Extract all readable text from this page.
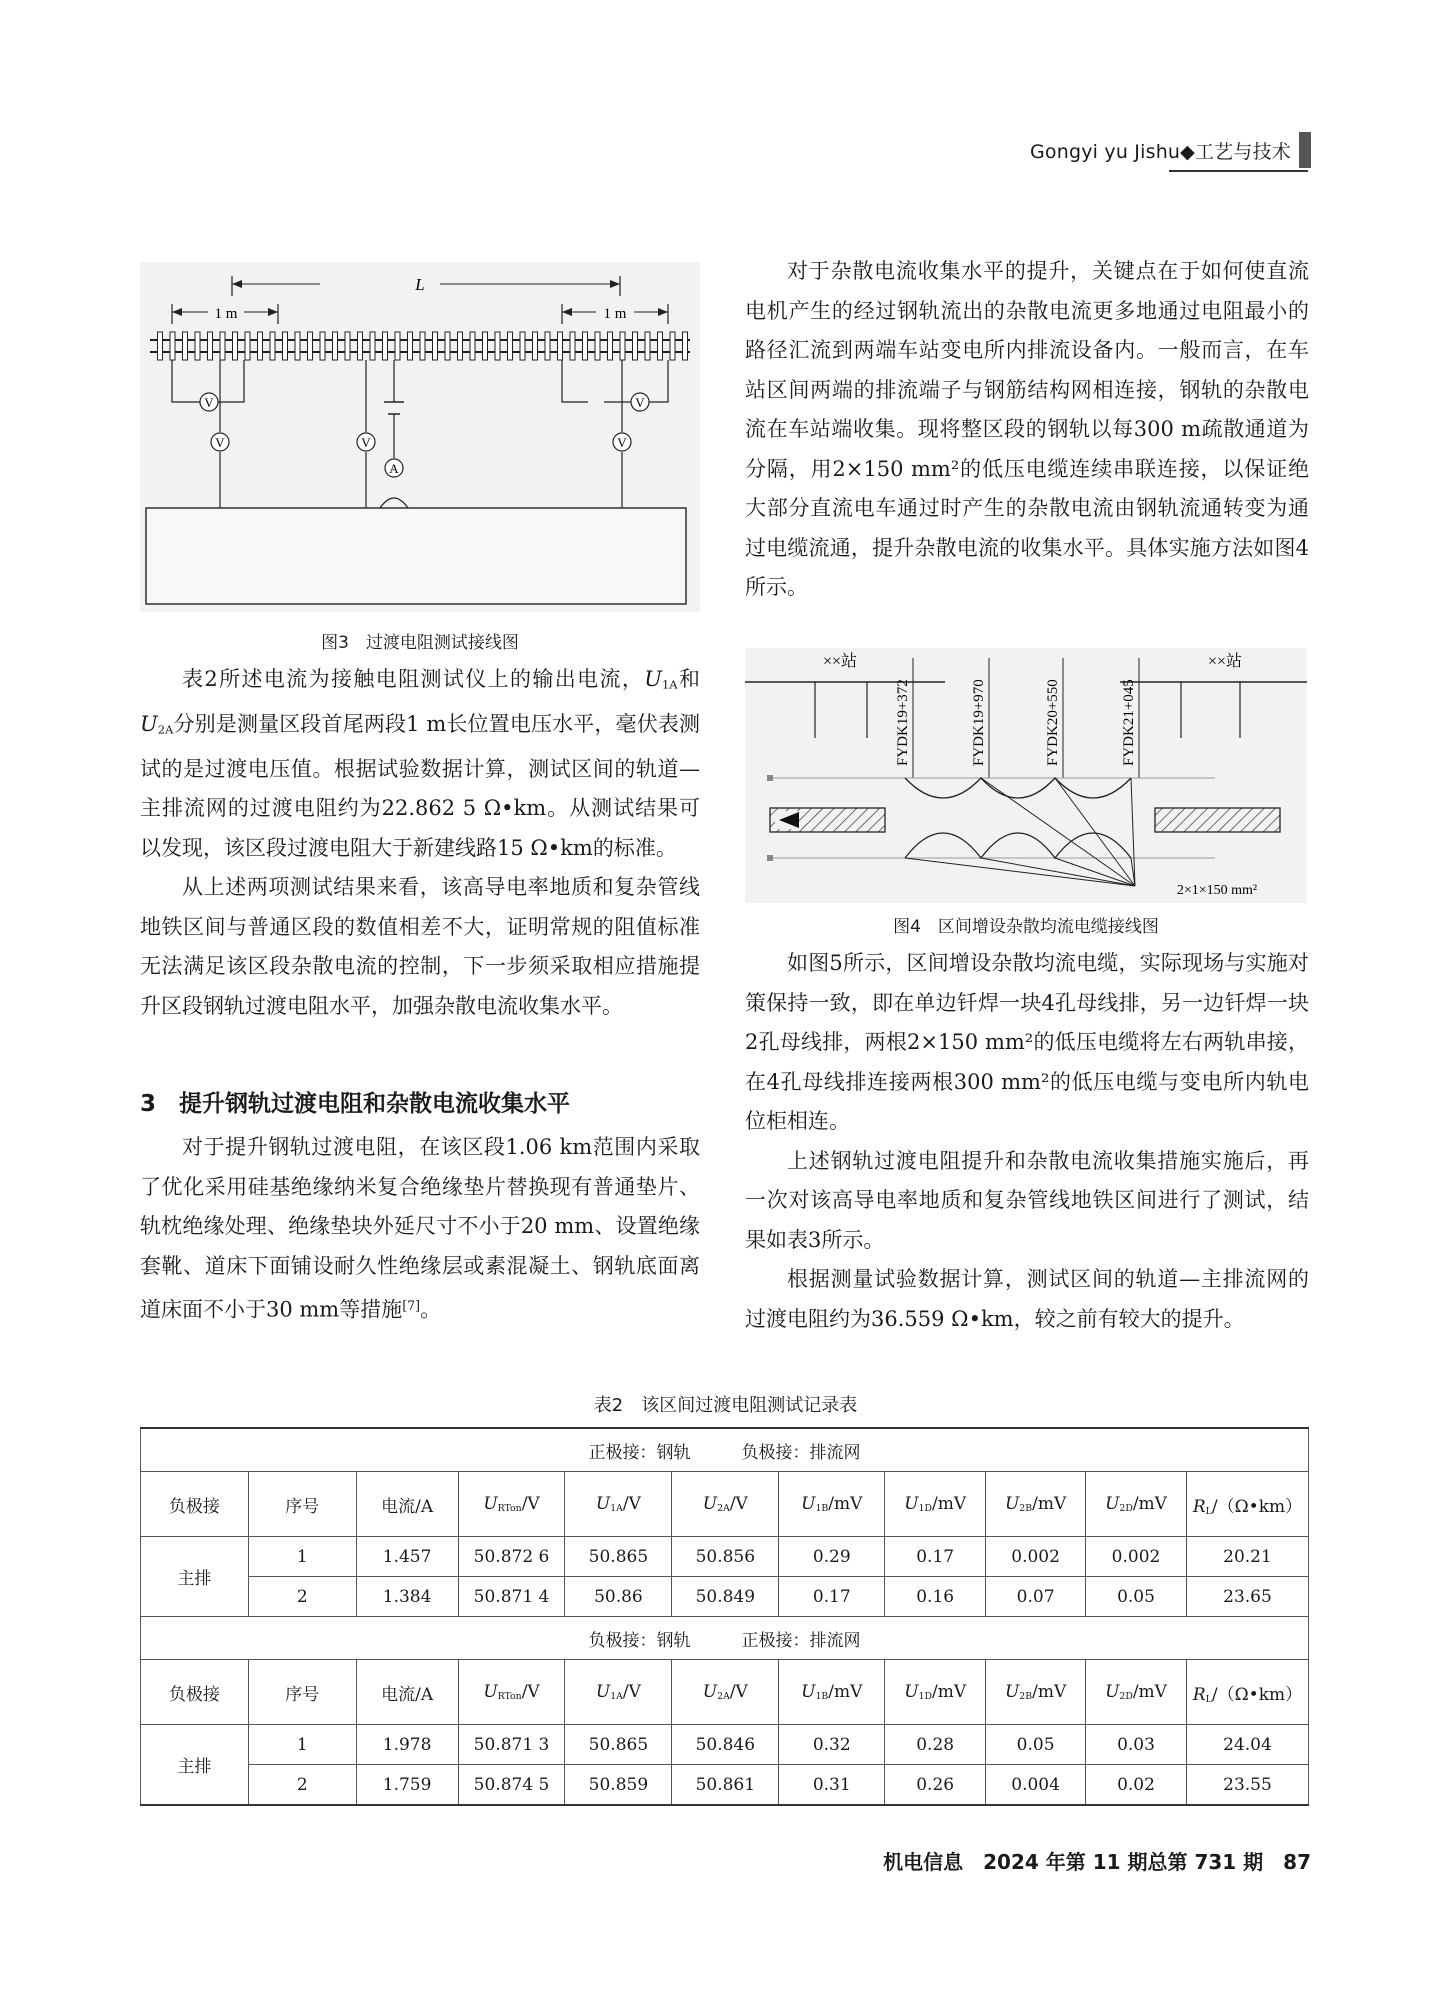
Gongyi yu Jishu◆工艺与技术
L
1 m	1 m
V
V	V
A
V
V
图3　过渡电阻测试接线图

表2所述电流为接触电阻测试仪上的输出电流，$U_{1A}$和$U_{2A}$分别是测量区段首尾两段1 m长位置电压水平，毫伏表测试的是过渡电压值。根据试验数据计算，测试区间的轨道—主排流网的过渡电阻约为22.862 5 Ω•km。从测试结果可以发现，该区段过渡电阻大于新建线路15 Ω•km的标准。

从上述两项测试结果来看，该高导电率地质和复杂管线地铁区间与普通区段的数值相差不大，证明常规的阻值标准无法满足该区段杂散电流的控制，下一步须采取相应措施提升区段钢轨过渡电阻水平，加强杂散电流收集水平。

3　提升钢轨过渡电阻和杂散电流收集水平

对于提升钢轨过渡电阻，在该区段1.06 km范围内采取了优化采用硅基绝缘纳米复合绝缘垫片替换现有普通垫片、轨枕绝缘处理、绝缘垫块外延尺寸不小于20 mm、设置绝缘套靴、道床下面铺设耐久性绝缘层或素混凝土、钢轨底面离道床面不小于30 mm等措施[7]。

对于杂散电流收集水平的提升，关键点在于如何使直流电机产生的经过钢轨流出的杂散电流更多地通过电阻最小的路径汇流到两端车站变电所内排流设备内。一般而言，在车站区间两端的排流端子与钢筋结构网相连接，钢轨的杂散电流在车站端收集。现将整区段的钢轨以每300 m疏散通道为分隔，用2×150 mm²的低压电缆连续串联连接，以保证绝大部分直流电车通过时产生的杂散电流由钢轨流通转变为通过电缆流通，提升杂散电流的收集水平。具体实施方法如图4所示。

××站	××站
FYDK19+372	FYDK19+970	FYDK20+550	FYDK21+045
2×1×150 mm²
图4　区间增设杂散均流电缆接线图

如图5所示，区间增设杂散均流电缆，实际现场与实施对策保持一致，即在单边钎焊一块4孔母线排，另一边钎焊一块2孔母线排，两根2×150 mm²的低压电缆将左右两轨串接，在4孔母线排连接两根300 mm²的低压电缆与变电所内轨电位柜相连。

上述钢轨过渡电阻提升和杂散电流收集措施实施后，再一次对该高导电率地质和复杂管线地铁区间进行了测试，结果如表3所示。

根据测量试验数据计算，测试区间的轨道—主排流网的过渡电阻约为36.559 Ω•km，较之前有较大的提升。

表2　该区间过渡电阻测试记录表
正极接：钢轨　　　负极接：排流网										
负极接	序号	电流/A	$U_{RTon}/V$	$U_{1A}/V$	$U_{2A}/V$	$U_{1B}/mV$	$U_{1D}/mV$	$U_{2B}/mV$	$U_{2D}/mV$	$R_L/(\Omega•km)$
主排	1	1.457	50.872 6	50.865	50.856	0.29	0.17	0.002	0.002	20.21
	2	1.384	50.871 4	50.86	50.849	0.17	0.16	0.07	0.05	23.65
负极接：钢轨　　　正极接：排流网										
负极接	序号	电流/A	$U_{RTon}/V$	$U_{1A}/V$	$U_{2A}/V$	$U_{1B}/mV$	$U_{1D}/mV$	$U_{2B}/mV$	$U_{2D}/mV$	$R_L/(\Omega•km)$
主排	1	1.978	50.871 3	50.865	50.846	0.32	0.28	0.05	0.03	24.04
	2	1.759	50.874 5	50.859	50.861	0.31	0.26	0.004	0.02	23.55
机电信息　2024 年第 11 期总第 731 期　87
